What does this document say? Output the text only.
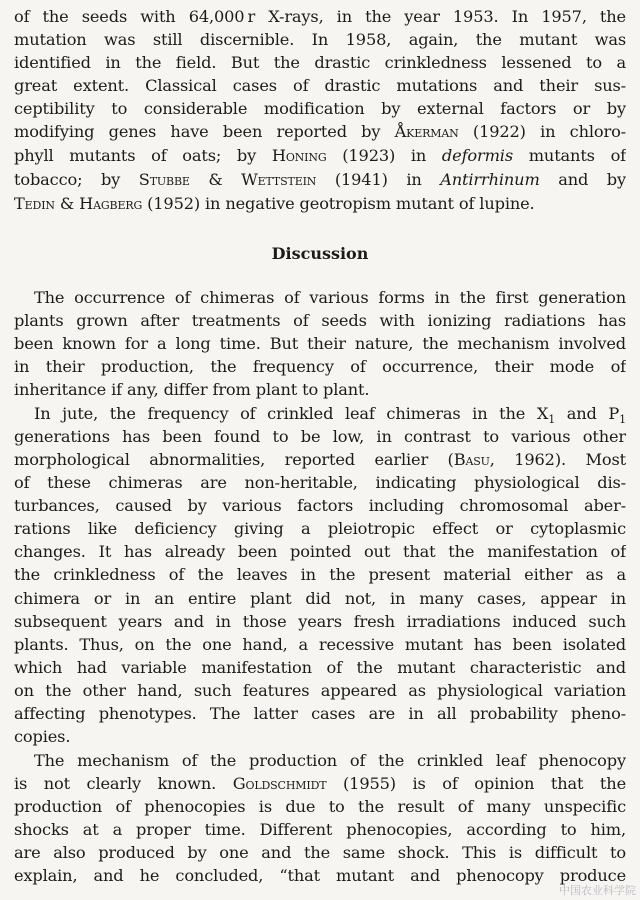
of the seeds with 64,000 r X-rays, in the year 1953. In 1957, the
mutation was still discernible. In 1958, again, the mutant was
identified in the field. But the drastic crinkledness lessened to a
great extent. Classical cases of drastic mutations and their sus-
ceptibility to considerable modification by external factors or by
modifying genes have been reported by Åkerman (1922) in chloro-
phyll mutants of oats; by Honing (1923) in deformis mutants of
tobacco; by Stubbe & Wettstein (1941) in Antirrhinum and by
Tedin & Hagberg (1952) in negative geotropism mutant of lupine.
Discussion
The occurrence of chimeras of various forms in the first generation
plants grown after treatments of seeds with ionizing radiations has
been known for a long time. But their nature, the mechanism involved
in their production, the frequency of occurrence, their mode of
inheritance if any, differ from plant to plant.
In jute, the frequency of crinkled leaf chimeras in the $X_1$ and $P_1$
generations has been found to be low, in contrast to various other
morphological abnormalities, reported earlier (Basu, 1962). Most
of these chimeras are non-heritable, indicating physiological dis-
turbances, caused by various factors including chromosomal aber-
rations like deficiency giving a pleiotropic effect or cytoplasmic
changes. It has already been pointed out that the manifestation of
the crinkledness of the leaves in the present material either as a
chimera or in an entire plant did not, in many cases, appear in
subsequent years and in those years fresh irradiations induced such
plants. Thus, on the one hand, a recessive mutant has been isolated
which had variable manifestation of the mutant characteristic and
on the other hand, such features appeared as physiological variation
affecting phenotypes. The latter cases are in all probability pheno-
copies.
The mechanism of the production of the crinkled leaf phenocopy
is not clearly known. Goldschmidt (1955) is of opinion that the
production of phenocopies is due to the result of many unspecific
shocks at a proper time. Different phenocopies, according to him,
are also produced by one and the same shock. This is difficult to
explain, and he concluded, “that mutant and phenocopy produce
中国农业科学院
